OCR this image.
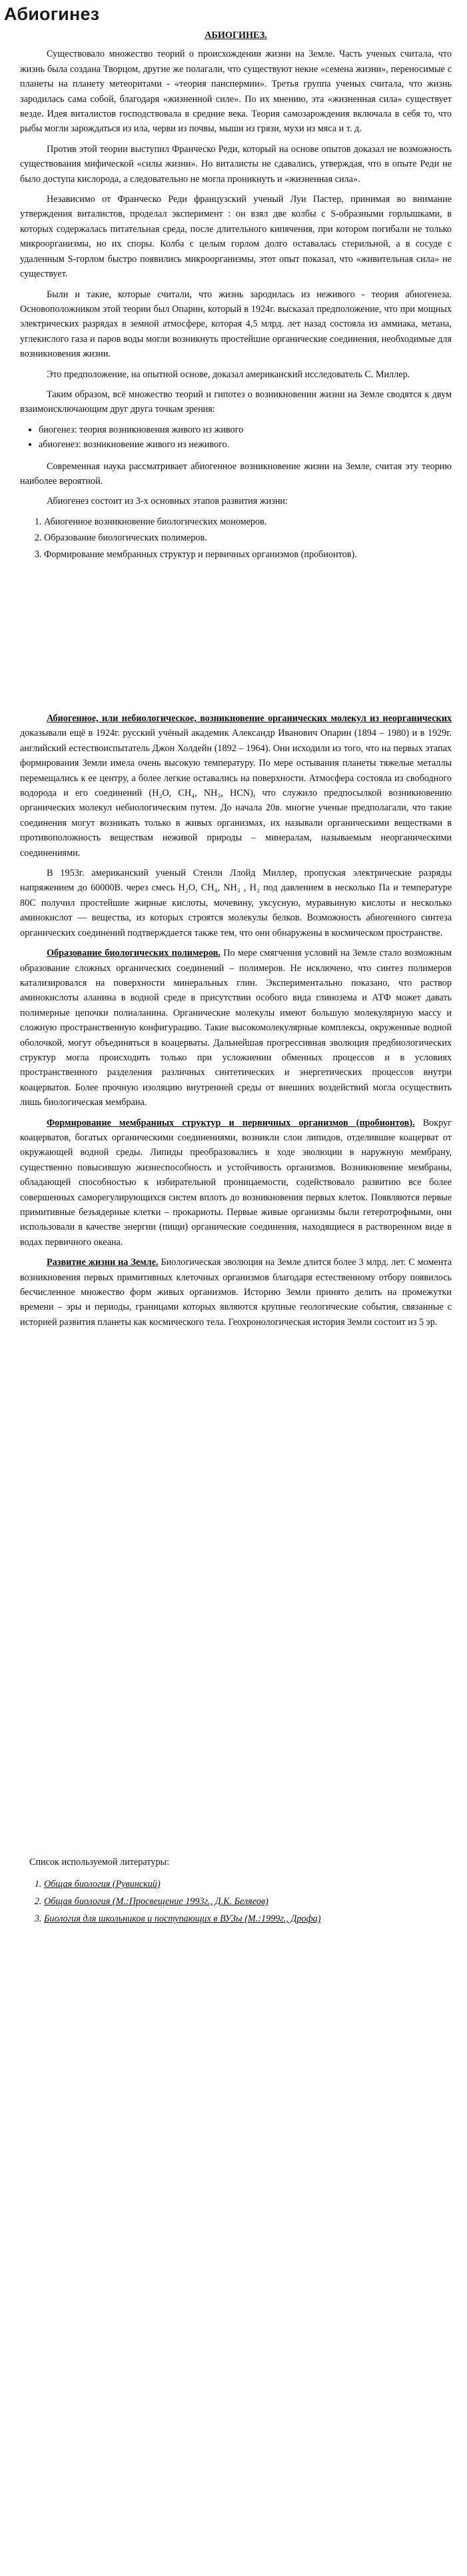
Абиогинез

АБИОГИНЕЗ.

Существовало множество теорий о происхождении жизни на Земле. Часть ученых считала, что жизнь была создана Творцом, другие же полагали, что существуют некие «семена жизни», переносимые с планеты на планету метеоритами - «теория панспермии». Третья группа ученых считала, что жизнь зародилась сама собой, благодаря «жизненной силе». По их мнению, эта «жизненная сила» существует везде. Идея виталистов господствовала в средние века. Теория самозарождения включала в себя то, что рыбы могли зарождаться из ила, черви из почвы, мыши из грязи, мухи из мяса и т. д.

Против этой теории выступил Франческо Реди, который на основе опытов доказал не возможность существования мифической «силы жизни». Но виталисты не сдавались, утверждая, что в опыте Реди не было доступа кислорода, а следовательно не могла проникнуть и «жизненная сила».

Независимо от Франческо Реди французский ученый Луи Пастер, принимая во внимание утверждения виталистов, проделал эксперимент : он взял две колбы с S-образными горлышками, в которых содержалась питательная среда, после длительного кипячения, при котором погибали не только микроорганизмы, но их споры. Колба с целым горлом долго оставалась стерильной, а в сосуде с удаленным S-горлом быстро появились микроорганизмы, этот опыт показал, что «живительная сила» не существует.

Были и такие, которые считали, что жизнь зародилась из неживого - теория абиогенеза. Основоположником этой теории был Опарин, который в 1924г. высказал предположение, что при мощных электрических разрядах в земной атмосфере, которая 4,5 млрд. лет назад состояла из аммиака, метана, углекислого газа и паров воды могли возникнуть простейшие органические соединения, необходимые для возникновения жизни.

Это предположение, на опытной основе, доказал американский исследователь С. Миллер.

Таким образом, всё множество теорий и гипотез о возникновении жизни на Земле сводятся к двум взаимоисключающим друг друга точкам зрения:

• биогенез: теория возникновения живого из живого
• абиогенез: возникновение живого из неживого.

Современная наука рассматривает абиогенное возникновение жизни на Земле, считая эту теорию наиболее вероятной.

Абиогенез состоит из 3-х основных этапов развития жизни:

1. Абиогенное возникновение биологических мономеров.
2. Образование биологических полимеров.
3. Формирование мембранных структур и первичных организмов (пробионтов).

Абиогенное, или небиологическое, возникновение органических молекул из неорганических доказывали ещё в 1924г. русский учёный академик Александр Иванович Опарин (1894 – 1980) и в 1929г. английский естествоиспытатель Джон Холдейн (1892 – 1964). Они исходили из того, что на первых этапах формирования Земли имела очень высокую температуру. По мере остывания планеты тяжелые металлы перемещались к ее центру, а более легкие оставались на поверхности. Атмосфера состояла из свободного водорода и его соединений (H₂O, CH₄, NH₃, HCN), что служило предпосылкой возникновению органических молекул небиологическим путем. До начала 20в. многие ученые предполагали, что такие соединения могут возникать только в живых организмах, их называли органическими веществами в противоположность веществам неживой природы – минералам, называемым неорганическими соединениями.

В 1953г. американский ученый Стенли Ллойд Миллер, пропуская электрические разряды напряжением до 60000В. через смесь H₂O, CH₄, NH₃ , H₂ под давлением в несколько Па и температуре 80С получил простейшие жирные кислоты, мочевину, уксусную, муравьиную кислоты и несколько аминокислот — вещества, из которых строятся молекулы белков. Возможность абиогенного синтеза органических соединений подтверждается также тем, что они обнаружены в космическом пространстве.

Образование биологических полимеров. По мере смягчения условий на Земле стало возможным образование сложных органических соединений – полимеров. Не исключено, что синтез полимеров катализировался на поверхности минеральных глин. Экспериментально показано, что раствор аминокислоты аланина в водной среде в присутствии особого вида глинозема и АТФ может давать полимерные цепочки полиаланина. Органические молекулы имеют большую молекулярную массу и сложную пространственную конфигурацию. Такие высокомолекулярные комплексы, окруженные водной оболочкой, могут объединяться в коацерваты. Дальнейшая прогрессивная эволюция предбиологических структур могла происходить только при усложнении обменных процессов и в условиях пространственного разделения различных синтетических и энергетических процессов внутри коацерватов. Более прочную изоляцию внутренней среды от внешних воздействий могла осуществить лишь биологическая мембрана.

Формирование мембранных структур и первичных организмов (пробионтов). Вокруг коацерватов, богатых органическими соединениями, возникли слои липидов, отделившие коацерват от окружающей водной среды. Липиды преобразовались в ходе эволюции в наружную мембрану, существенно повысившую жизнеспособность и устойчивость организмов. Возникновение мембраны, обладающей способностью к избирательной проницаемости, содействовало развитию все более совершенных саморегулирующихся систем вплоть до возникновения первых клеток. Появляются первые примитивные безъядерные клетки – прокариоты. Первые живые организмы были гетеротрофными, они использовали в качестве энергии (пищи) органические соединения, находящиеся в растворенном виде в водах первичного океана.

Развитие жизни на Земле. Биологическая эволюция на Земле длится более 3 млрд. лет. С момента возникновения первых примитивных клеточных организмов благодаря естественному отбору появилось бесчисленное множество форм живых организмов. Историю Земли принято делить на промежутки времени – эры и периоды, границами которых являются крупные геологические события, связанные с историей развития планеты как космического тела. Геохронологическая история Земли состоит из 5 эр.

Список используемой литературы:

1. Общая биология (Рувинский)
2. Общая биология (М.:Просвещение 1993г., Д.К. Беляеов)
3. Биология для школьников и поступающих в ВУЗы (М.:1999г., Дрофа)
